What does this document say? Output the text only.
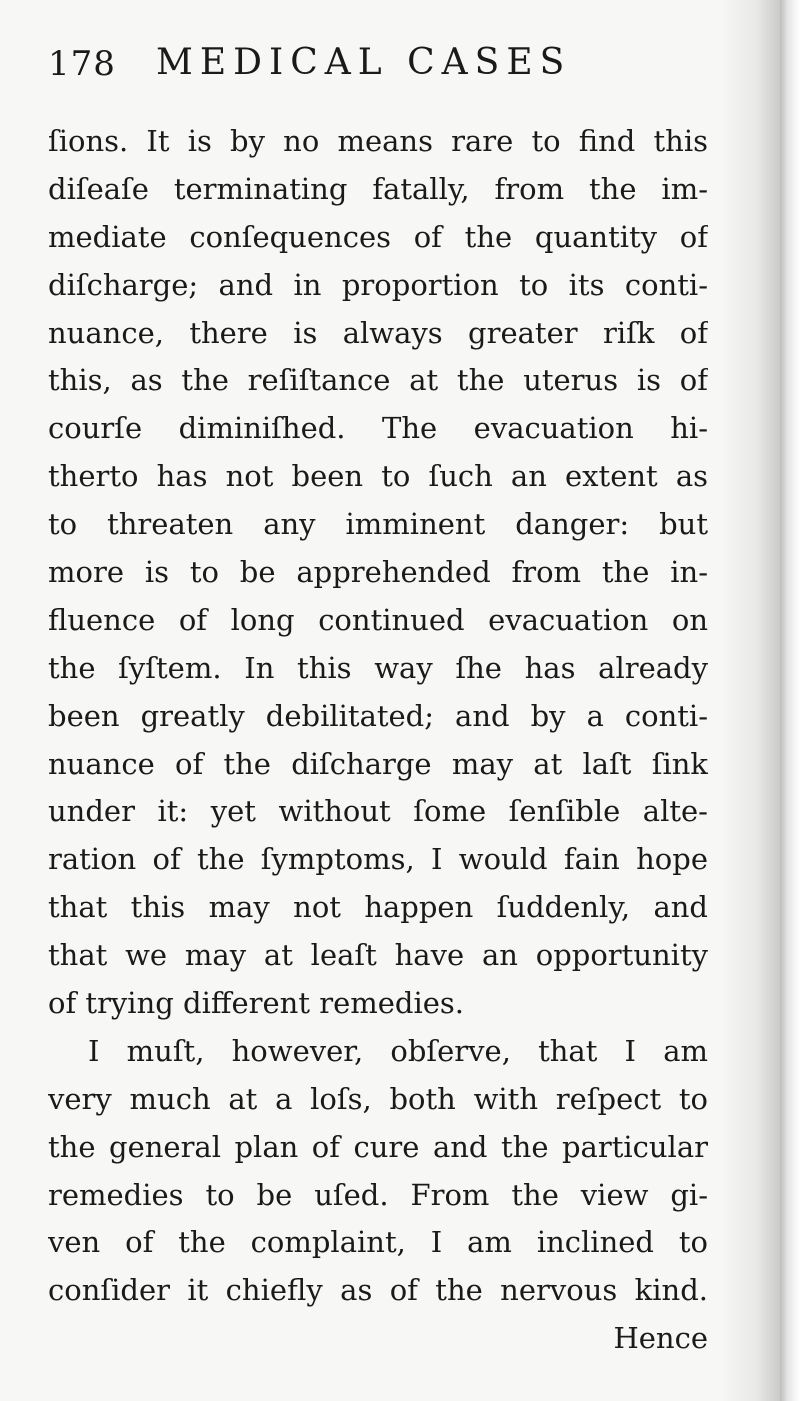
178 MEDICAL CASES
ſions. It is by no means rare to find this
diſeaſe terminating fatally, from the im-
mediate conſequences of the quantity of
diſcharge; and in proportion to its conti-
nuance, there is always greater riſk of
this, as the reſiſtance at the uterus is of
courſe diminiſhed. The evacuation hi-
therto has not been to ſuch an extent as
to threaten any imminent danger: but
more is to be apprehended from the in-
fluence of long continued evacuation on
the ſyſtem. In this way ſhe has already
been greatly debilitated; and by a conti-
nuance of the diſcharge may at laſt ſink
under it: yet without ſome ſenſible alte-
ration of the ſymptoms, I would fain hope
that this may not happen ſuddenly, and
that we may at leaſt have an opportunity
of trying different remedies.
I muſt, however, obſerve, that I am
very much at a loſs, both with reſpect to
the general plan of cure and the particular
remedies to be uſed. From the view gi-
ven of the complaint, I am inclined to
conſider it chiefly as of the nervous kind.
Hence
